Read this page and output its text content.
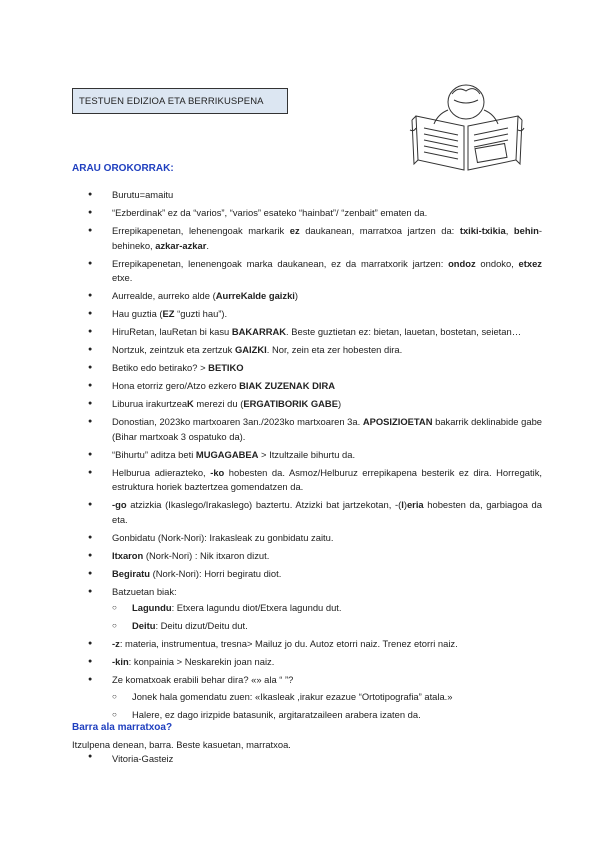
TESTUEN EDIZIOA ETA BERRIKUSPENA
ARAU OROKORRAK:
● Burutu=amaitu
● “Ezberdinak” ez da “varios”, “varios” esateko “hainbat”/ “zenbait” ematen da.
● Errepikapenetan, lehenengoak markarik ez daukanean, marratxoa jartzen da: txiki-txikia, behin-behineko, azkar-azkar.
● Errepikapenetan, lenenengoak marka daukanean, ez da marratxorik jartzen: ondoz ondoko, etxez etxe.
● Aurrealde, aurreko alde (AurreKalde gaizki)
● Hau guztia (EZ “guzti hau”).
● HiruRetan, lauRetan bi kasu BAKARRAK. Beste guztietan ez: bietan, lauetan, bostetan, seietan…
● Nortzuk, zeintzuk eta zertzuk GAIZKI. Nor, zein eta zer hobesten dira.
● Betiko edo betirako? > BETIKO
● Hona etorriz gero/Atzo ezkero BIAK ZUZENAK DIRA
● Liburua irakurtzeaK merezi du (ERGATIBORIK GABE)
● Donostian, 2023ko martxoaren 3an./2023ko martxoaren 3a. APOSIZIOETAN bakarrik deklinabide gabe (Bihar martxoak 3 ospatuko da).
● “Bihurtu” aditza beti MUGAGABEA > Itzultzaile bihurtu da.
● Helburua adierazteko, -ko hobesten da. Asmoz/Helburuz errepikapena besterik ez dira. Horregatik, estruktura horiek baztertzea gomendatzen da.
● -go atzizkia (Ikaslego/Irakaslego) baztertu. Atzizki bat jartzekotan, -(l)eria hobesten da, garbiagoa da eta.
● Gonbidatu (Nork-Nori): Irakasleak zu gonbidatu zaitu.
● Itxaron (Nork-Nori) : Nik itxaron dizut.
● Begiratu (Nork-Nori): Horri begiratu diot.
● Batzuetan biak:
○ Lagundu: Etxera lagundu diot/Etxera lagundu dut.
○ Deitu: Deitu dizut/Deitu dut.
● -z: materia, instrumentua, tresna> Mailuz jo du. Autoz etorri naiz. Trenez etorri naiz.
● -kin: konpainia > Neskarekin joan naiz.
● Ze komatxoak erabili behar dira? «» ala “ ”?
○ Jonek hala gomendatu zuen: «Ikasleak ,irakur ezazue “Ortotipografia” atala.»
○ Halere, ez dago irizpide batasunik, argitaratzaileen arabera izaten da.
Barra ala marratxoa?
Itzulpena denean, barra. Beste kasuetan, marratxoa.
● Vitoria-Gasteiz
